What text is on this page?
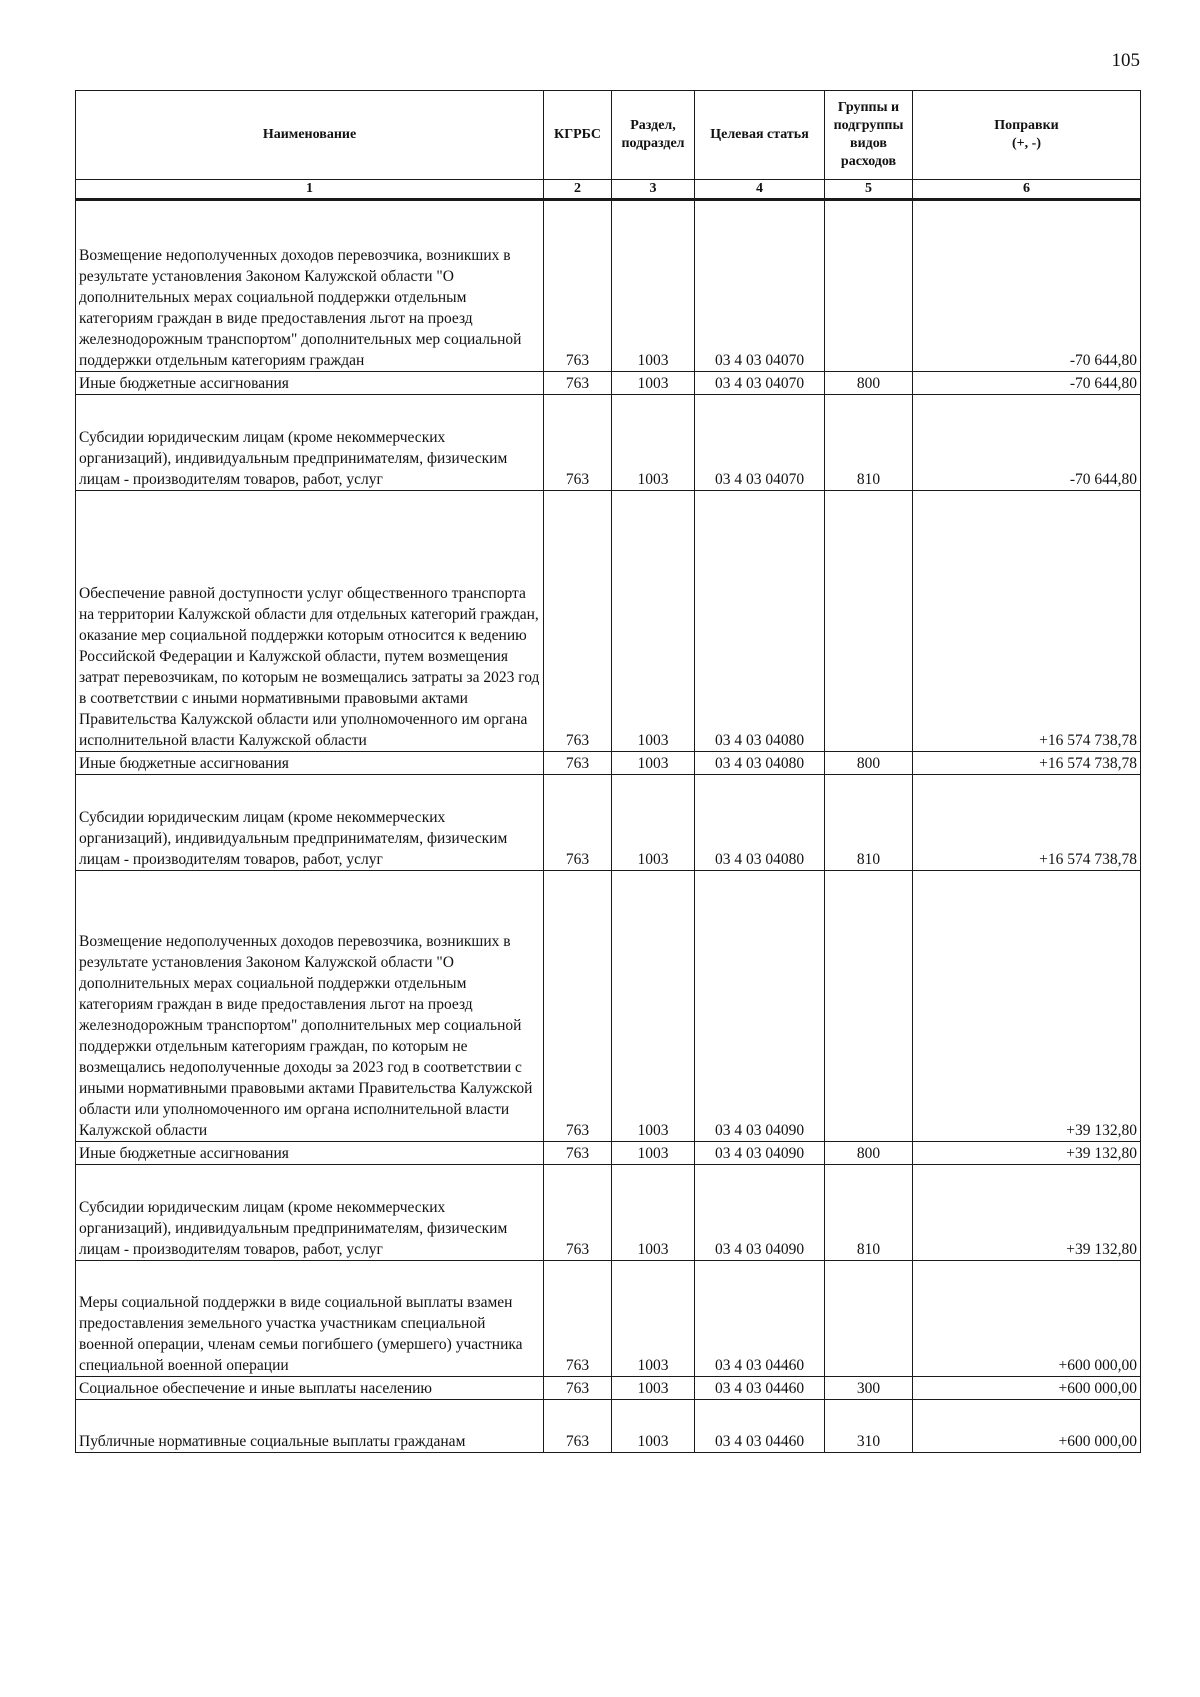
105
Наименование	КГРБС	Раздел, подраздел	Целевая статья	Группы и подгруппы видов расходов	Поправки
(+, -)
1	2	3	4	5	6
Возмещение недополученных доходов перевозчика, возникших в результате установления Законом Калужской области "О дополнительных мерах социальной поддержки отдельным категориям граждан в виде предоставления льгот на проезд железнодорожным транспортом" дополнительных мер социальной поддержки отдельным категориям граждан	763	1003	03 4 03 04070		-70 644,80
Иные бюджетные ассигнования	763	1003	03 4 03 04070	800	-70 644,80
Субсидии юридическим лицам (кроме некоммерческих организаций), индивидуальным предпринимателям, физическим лицам - производителям товаров, работ, услуг	763	1003	03 4 03 04070	810	-70 644,80
Обеспечение равной доступности услуг общественного транспорта на территории Калужской области для отдельных категорий граждан, оказание мер социальной поддержки которым относится к ведению Российской Федерации и Калужской области, путем возмещения затрат перевозчикам, по которым не возмещались затраты за 2023 год в соответствии с иными нормативными правовыми актами Правительства Калужской области или уполномоченного им органа исполнительной власти Калужской области	763	1003	03 4 03 04080		+16 574 738,78
Иные бюджетные ассигнования	763	1003	03 4 03 04080	800	+16 574 738,78
Субсидии юридическим лицам (кроме некоммерческих организаций), индивидуальным предпринимателям, физическим лицам - производителям товаров, работ, услуг	763	1003	03 4 03 04080	810	+16 574 738,78
Возмещение недополученных доходов перевозчика, возникших в результате установления Законом Калужской области "О дополнительных мерах социальной поддержки отдельным категориям граждан в виде предоставления льгот на проезд железнодорожным транспортом" дополнительных мер социальной поддержки отдельным категориям граждан, по которым не возмещались недополученные доходы за 2023 год в соответствии с иными нормативными правовыми актами Правительства Калужской области или уполномоченного им органа исполнительной власти Калужской области	763	1003	03 4 03 04090		+39 132,80
Иные бюджетные ассигнования	763	1003	03 4 03 04090	800	+39 132,80
Субсидии юридическим лицам (кроме некоммерческих организаций), индивидуальным предпринимателям, физическим лицам - производителям товаров, работ, услуг	763	1003	03 4 03 04090	810	+39 132,80
Меры социальной поддержки в виде социальной выплаты взамен предоставления земельного участка участникам специальной военной операции, членам семьи погибшего (умершего) участника специальной военной операции	763	1003	03 4 03 04460		+600 000,00
Социальное обеспечение и иные выплаты населению	763	1003	03 4 03 04460	300	+600 000,00
Публичные нормативные социальные выплаты гражданам	763	1003	03 4 03 04460	310	+600 000,00
